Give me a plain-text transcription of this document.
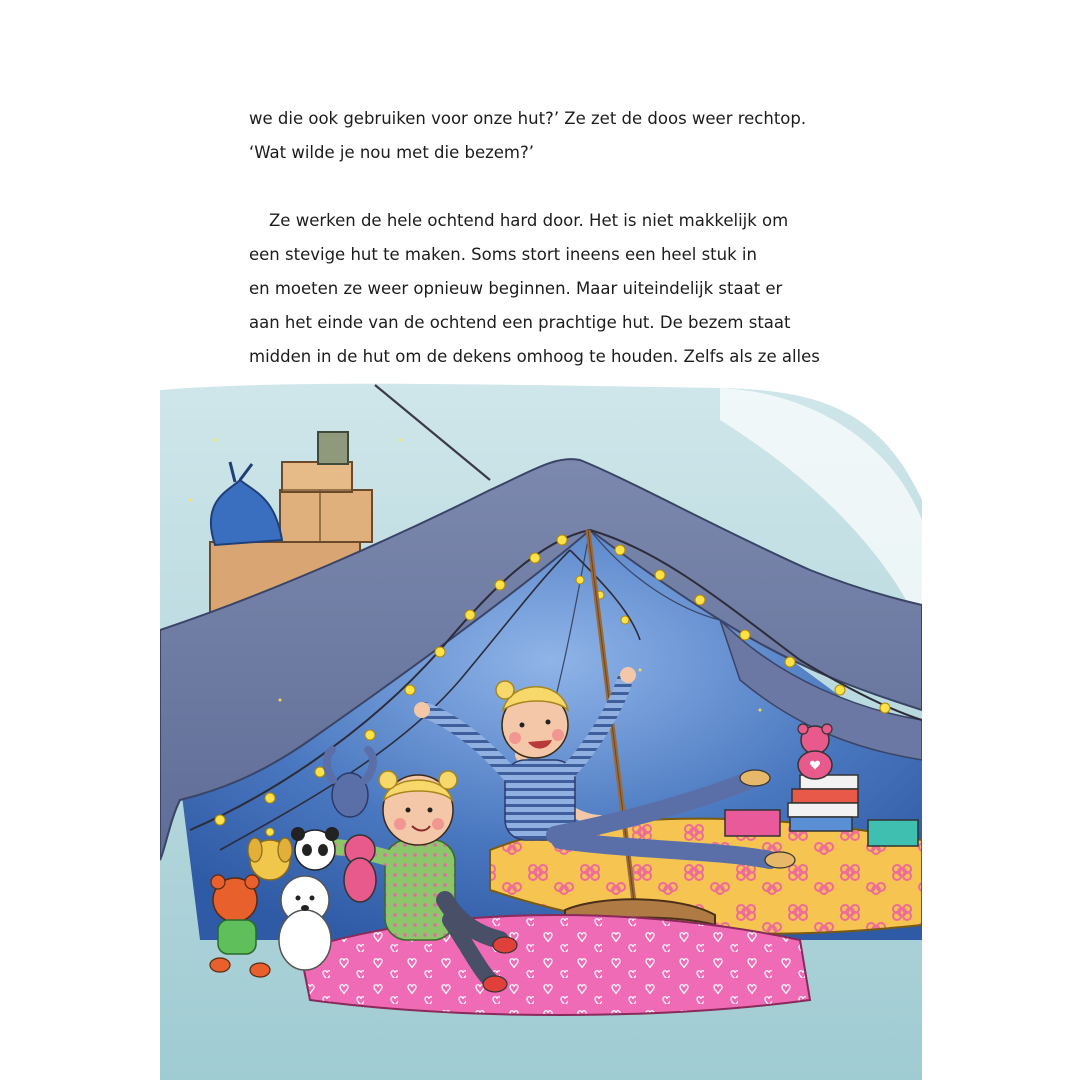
we die ook gebruiken voor onze hut?’ Ze zet de doos weer rechtop.
‘Wat wilde je nou met die bezem?’
Ze werken de hele ochtend hard door. Het is niet makkelijk om
een stevige hut te maken. Soms stort ineens een heel stuk in
en moeten ze weer opnieuw beginnen. Maar uiteindelijk staat er
aan het einde van de ochtend een prachtige hut. De bezem staat
midden in de hut om de dekens omhoog te houden. Zelfs als ze alles
